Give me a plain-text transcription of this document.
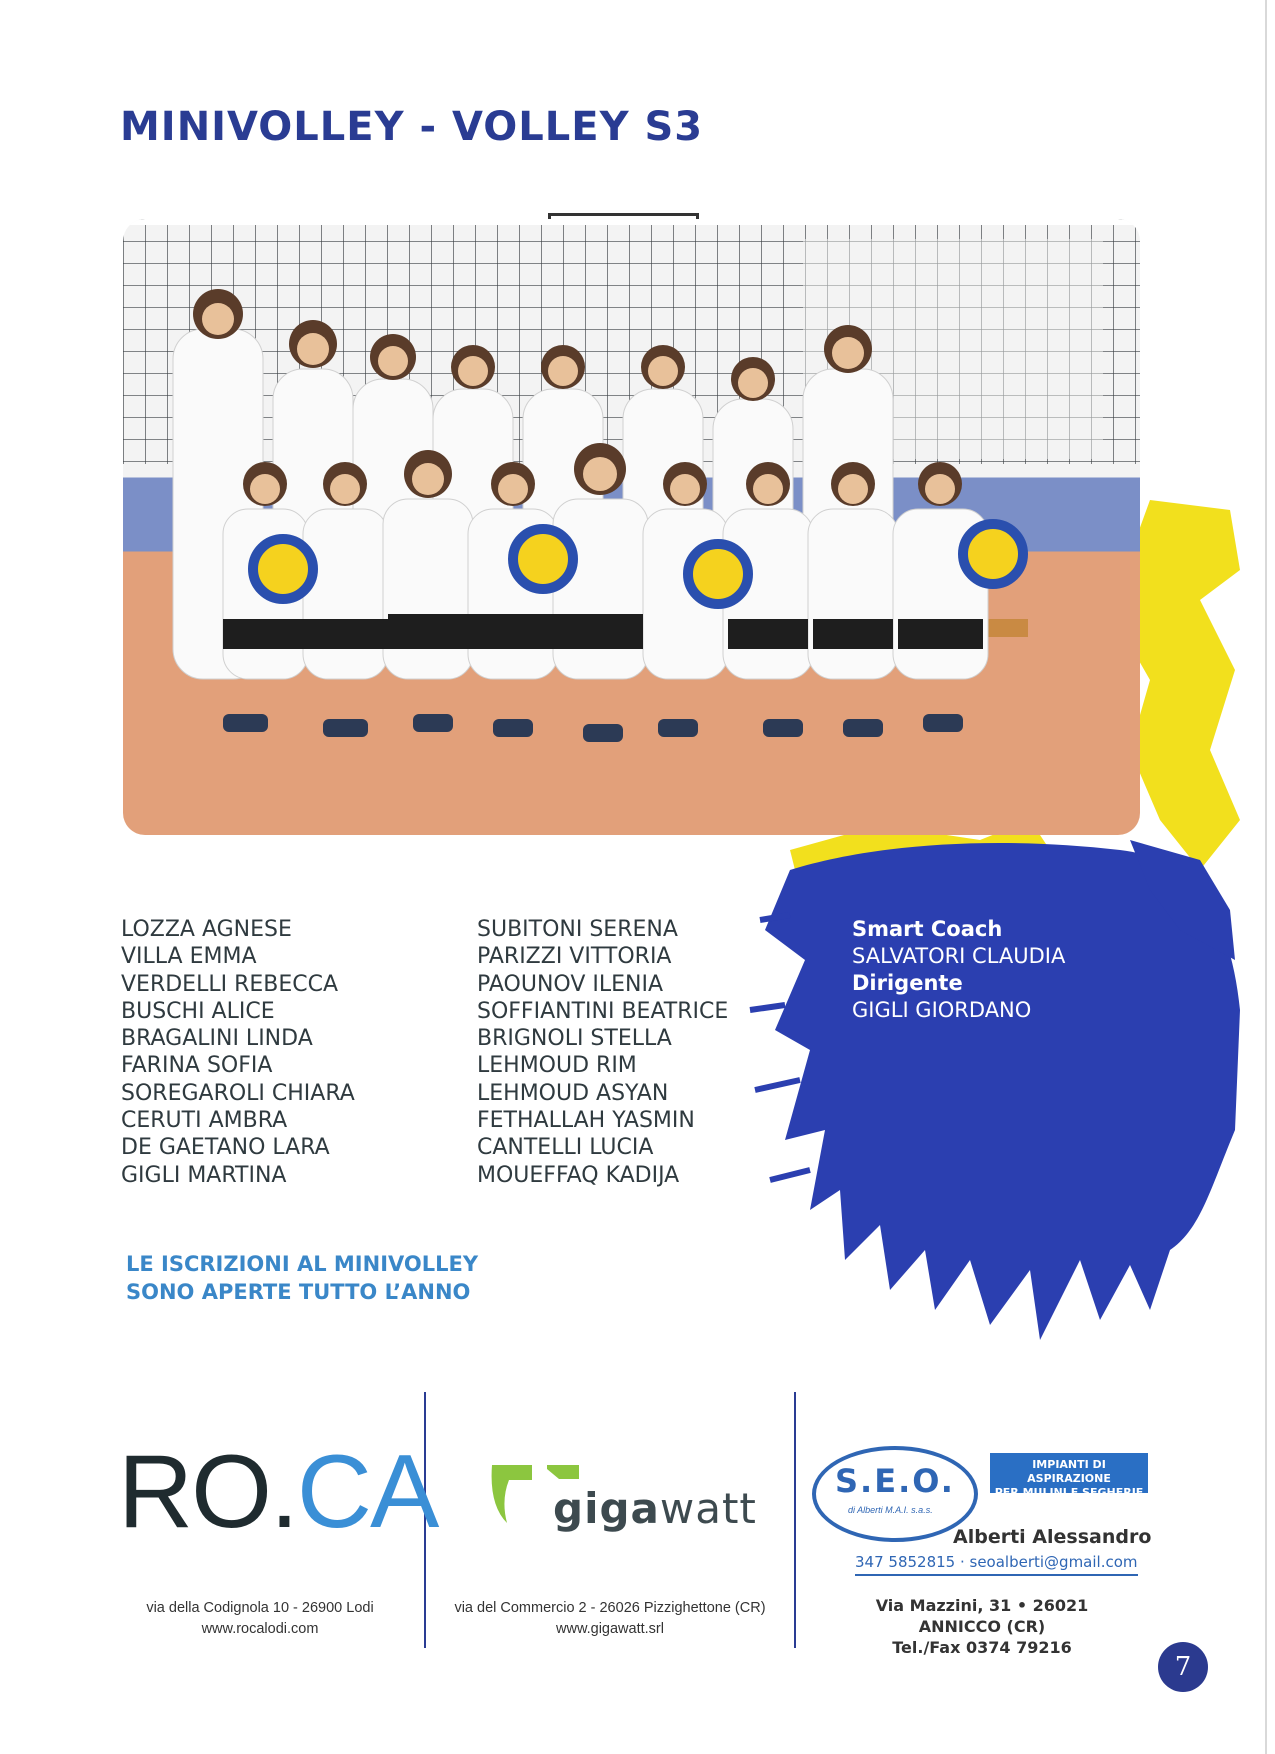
MINIVOLLEY - VOLLEY S3
LOZZA AGNESE
VILLA EMMA
VERDELLI REBECCA
BUSCHI ALICE
BRAGALINI LINDA
FARINA SOFIA
SOREGAROLI CHIARA
CERUTI AMBRA
DE GAETANO LARA
GIGLI MARTINA
SUBITONI SERENA
PARIZZI VITTORIA
PAOUNOV ILENIA
SOFFIANTINI BEATRICE
BRIGNOLI STELLA
LEHMOUD RIM
LEHMOUD ASYAN
FETHALLAH YASMIN
CANTELLI LUCIA
MOUEFFAQ KADIJA
Smart Coach
SALVATORI CLAUDIA
Dirigente
GIGLI GIORDANO
LE ISCRIZIONI AL MINIVOLLEY
SONO APERTE TUTTO L’ANNO
RO.CA
via della Codignola 10 - 26900 Lodi
www.rocalodi.com
gigawatt
via del Commercio 2 - 26026 Pizzighettone (CR)
www.gigawatt.srl
S.E.O.
di Alberti M.A.I. s.a.s.
IMPIANTI DI ASPIRAZIONE
PER MULINI E SEGHERIE
Alberti Alessandro
347 5852815 · seoalberti@gmail.com
Via Mazzini, 31 • 26021 ANNICCO (CR)
Tel./Fax 0374 79216
7
